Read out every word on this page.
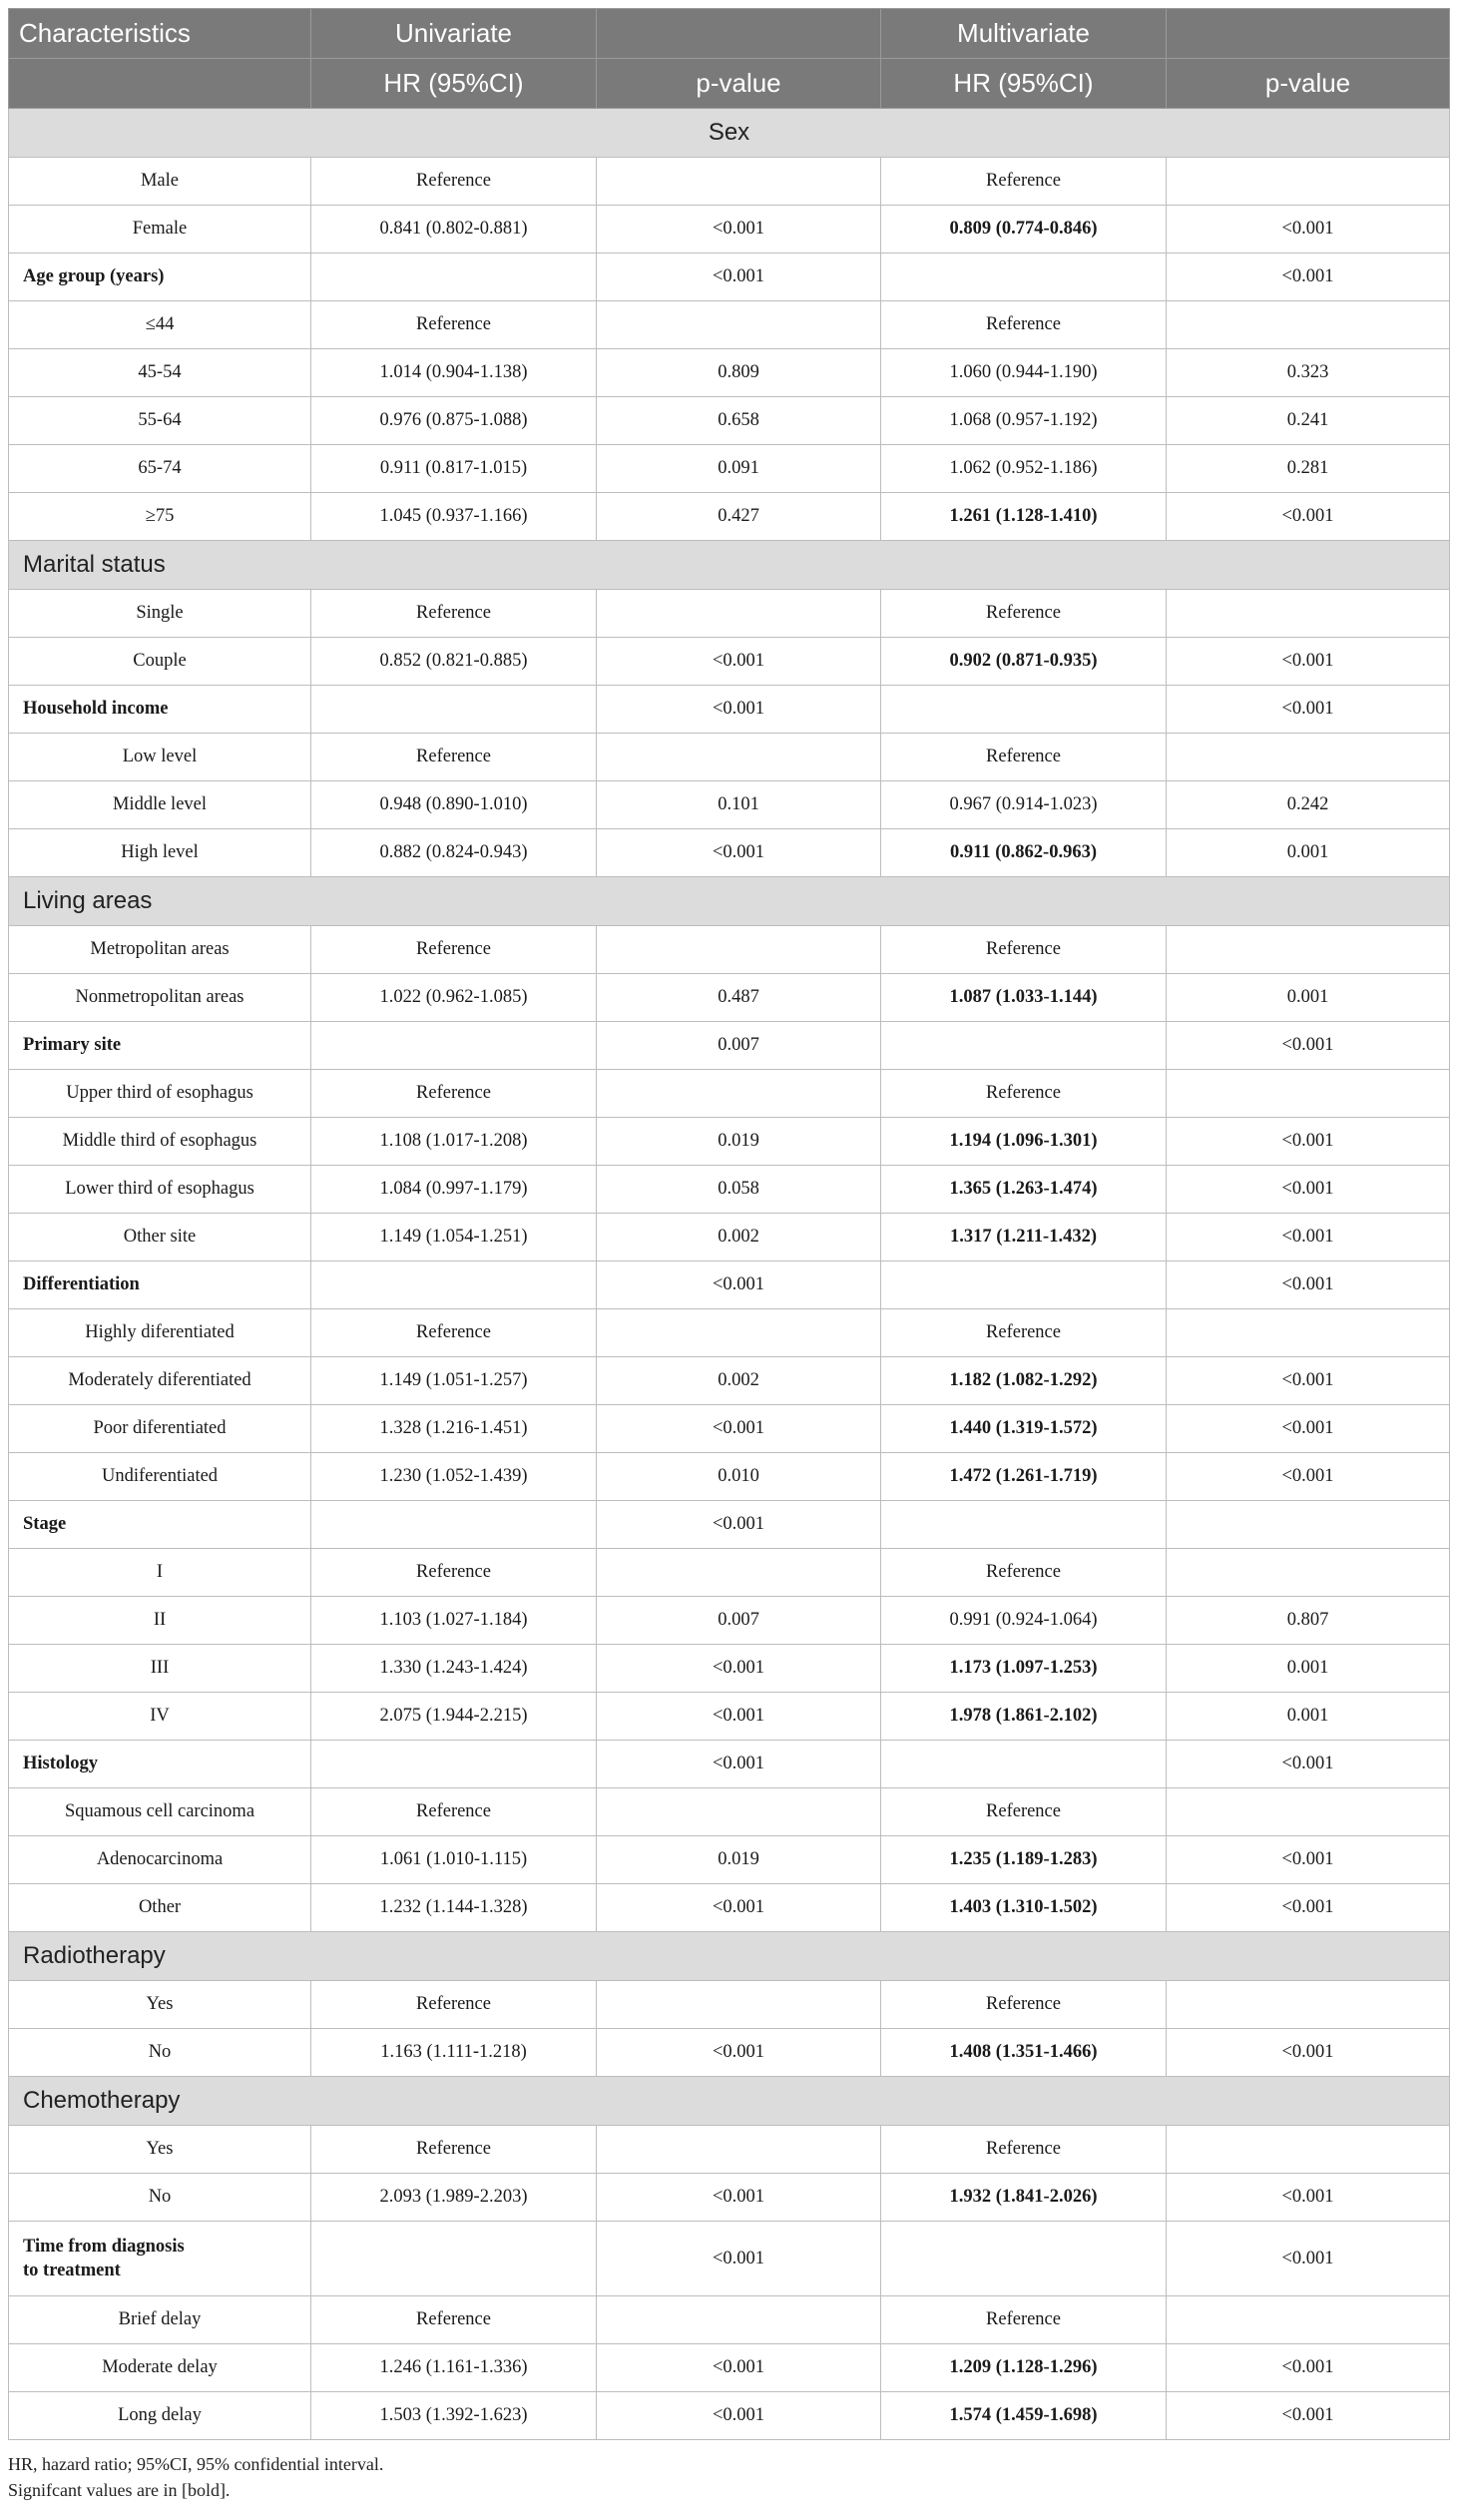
Characteristics	Univariate		Multivariate	
	HR (95%CI)	p-value	HR (95%CI)	p-value
Sex				
Male	Reference		Reference	
Female	0.841 (0.802-0.881)	<0.001	0.809 (0.774-0.846)	<0.001
Age group (years)		<0.001		<0.001
≤44	Reference		Reference	
45-54	1.014 (0.904-1.138)	0.809	1.060 (0.944-1.190)	0.323
55-64	0.976 (0.875-1.088)	0.658	1.068 (0.957-1.192)	0.241
65-74	0.911 (0.817-1.015)	0.091	1.062 (0.952-1.186)	0.281
≥75	1.045 (0.937-1.166)	0.427	1.261 (1.128-1.410)	<0.001
Marital status				
Single	Reference		Reference	
Couple	0.852 (0.821-0.885)	<0.001	0.902 (0.871-0.935)	<0.001
Household income		<0.001		<0.001
Low level	Reference		Reference	
Middle level	0.948 (0.890-1.010)	0.101	0.967 (0.914-1.023)	0.242
High level	0.882 (0.824-0.943)	<0.001	0.911 (0.862-0.963)	0.001
Living areas				
Metropolitan areas	Reference		Reference	
Nonmetropolitan areas	1.022 (0.962-1.085)	0.487	1.087 (1.033-1.144)	0.001
Primary site		0.007		<0.001
Upper third of esophagus	Reference		Reference	
Middle third of esophagus	1.108 (1.017-1.208)	0.019	1.194 (1.096-1.301)	<0.001
Lower third of esophagus	1.084 (0.997-1.179)	0.058	1.365 (1.263-1.474)	<0.001
Other site	1.149 (1.054-1.251)	0.002	1.317 (1.211-1.432)	<0.001
Differentiation		<0.001		<0.001
Highly diferentiated	Reference		Reference	
Moderately diferentiated	1.149 (1.051-1.257)	0.002	1.182 (1.082-1.292)	<0.001
Poor diferentiated	1.328 (1.216-1.451)	<0.001	1.440 (1.319-1.572)	<0.001
Undiferentiated	1.230 (1.052-1.439)	0.010	1.472 (1.261-1.719)	<0.001
Stage		<0.001		
I	Reference		Reference	
II	1.103 (1.027-1.184)	0.007	0.991 (0.924-1.064)	0.807
III	1.330 (1.243-1.424)	<0.001	1.173 (1.097-1.253)	0.001
IV	2.075 (1.944-2.215)	<0.001	1.978 (1.861-2.102)	0.001
Histology		<0.001		<0.001
Squamous cell carcinoma	Reference		Reference	
Adenocarcinoma	1.061 (1.010-1.115)	0.019	1.235 (1.189-1.283)	<0.001
Other	1.232 (1.144-1.328)	<0.001	1.403 (1.310-1.502)	<0.001
Radiotherapy				
Yes	Reference		Reference	
No	1.163 (1.111-1.218)	<0.001	1.408 (1.351-1.466)	<0.001
Chemotherapy				
Yes	Reference		Reference	
No	2.093 (1.989-2.203)	<0.001	1.932 (1.841-2.026)	<0.001

Time from diagnosis
to treatment		<0.001		<0.001
Brief delay	Reference		Reference	
Moderate delay	1.246 (1.161-1.336)	<0.001	1.209 (1.128-1.296)	<0.001
Long delay	1.503 (1.392-1.623)	<0.001	1.574 (1.459-1.698)	<0.001
HR, hazard ratio; 95%CI, 95% confidential interval.
Signifcant values are in [bold].
